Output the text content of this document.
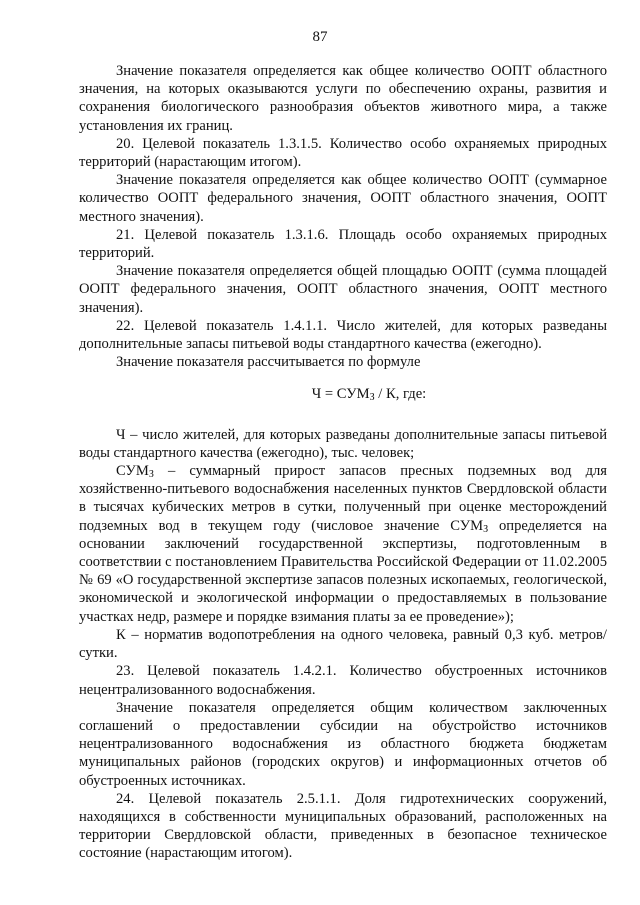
87

Значение показателя определяется как общее количество ООПТ областного значения, на которых оказываются услуги по обеспечению охраны, развития и сохранения биологического разнообразия объектов животного мира, а также установления их границ.

20. Целевой показатель 1.3.1.5. Количество особо охраняемых природных территорий (нарастающим итогом).

Значение показателя определяется как общее количество ООПТ (суммарное количество ООПТ федерального значения, ООПТ областного значения, ООПТ местного значения).

21. Целевой показатель 1.3.1.6. Площадь особо охраняемых природных территорий.

Значение показателя определяется общей площадью ООПТ (сумма площадей ООПТ федерального значения, ООПТ областного значения, ООПТ местного значения).

22. Целевой показатель 1.4.1.1. Число жителей, для которых разведаны дополнительные запасы питьевой воды стандартного качества (ежегодно).

Значение показателя рассчитывается по формуле

$Ч = СУМ_З / К$, где:

Ч – число жителей, для которых разведаны дополнительные запасы питьевой воды стандартного качества (ежегодно), тыс. человек;

$СУМ_З$ – суммарный прирост запасов пресных подземных вод для хозяйственно-питьевого водоснабжения населенных пунктов Свердловской области в тысячах кубических метров в сутки, полученный при оценке месторождений подземных вод в текущем году (числовое значение $СУМ_З$ определяется на основании заключений государственной экспертизы, подготовленным в соответствии с постановлением Правительства Российской Федерации от 11.02.2005 № 69 «О государственной экспертизе запасов полезных ископаемых, геологической, экономической и экологической информации о предоставляемых в пользование участках недр, размере и порядке взимания платы за ее проведение»);

К – норматив водопотребления на одного человека, равный 0,3 куб. метров/сутки.

23. Целевой показатель 1.4.2.1. Количество обустроенных источников нецентрализованного водоснабжения.

Значение показателя определяется общим количеством заключенных соглашений о предоставлении субсидии на обустройство источников нецентрализованного водоснабжения из областного бюджета бюджетам муниципальных районов (городских округов) и информационных отчетов об обустроенных источниках.

24. Целевой показатель 2.5.1.1. Доля гидротехнических сооружений, находящихся в собственности муниципальных образований, расположенных на территории Свердловской области, приведенных в безопасное техническое состояние (нарастающим итогом).
